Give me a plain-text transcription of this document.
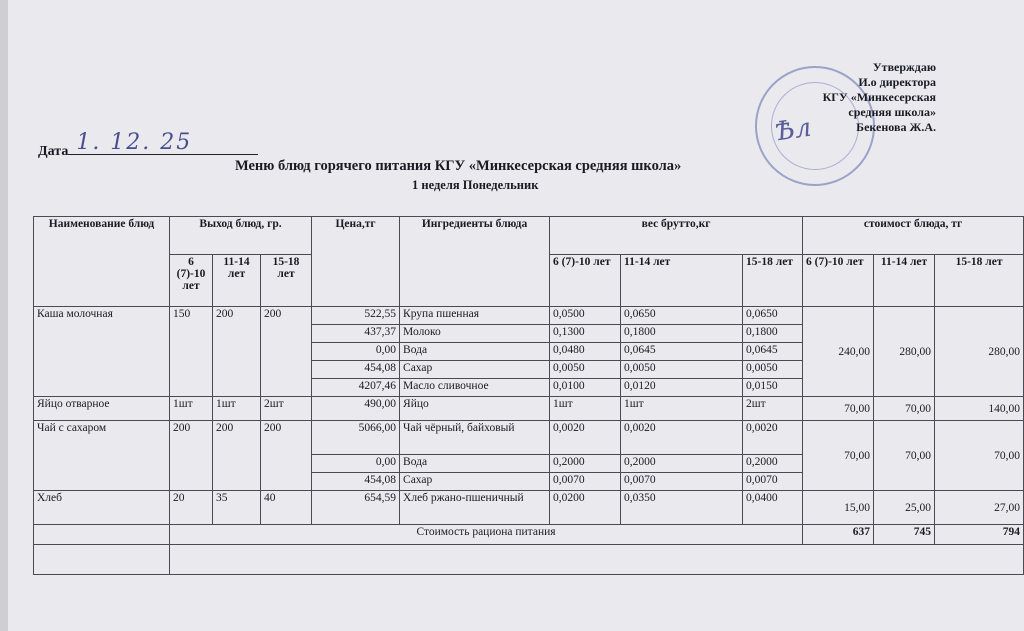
Ѣл
Утверждаю
И.о директора
КГУ «Минкесерская
средняя школа»
Бекенова Ж.А.
Дата 1. 12. 25
Меню блюд горячего питания КГУ «Минкесерская средняя школа»
1 неделя Понедельник
Наименование блюд	Выход блюд, гр.			Цена,тг	Ингредиенты блюда	вес брутто,кг			стоимост блюда, тг		
	6 (7)-10 лет	11-14 лет	15-18 лет			6 (7)-10 лет	11-14 лет	15-18 лет	6 (7)-10 лет	11-14 лет	15-18 лет
Каша молочная	150	200	200	522,55	Крупа пшенная	0,0500	0,0650	0,0650	240,00	280,00	280,00
				437,37	Молоко	0,1300	0,1800	0,1800			
				0,00	Вода	0,0480	0,0645	0,0645			
				454,08	Сахар	0,0050	0,0050	0,0050			
				4207,46	Масло сливочное	0,0100	0,0120	0,0150			
Яйцо отварное	1шт	1шт	2шт	490,00	Яйцо	1шт	1шт	2шт	70,00	70,00	140,00
Чай с сахаром	200	200	200	5066,00	Чай чёрный, байховый	0,0020	0,0020	0,0020	70,00	70,00	70,00
				0,00	Вода	0,2000	0,2000	0,2000			
				454,08	Сахар	0,0070	0,0070	0,0070			
Хлеб	20	35	40	654,59	Хлеб ржано-пшеничный	0,0200	0,0350	0,0400	15,00	25,00	27,00
	Стоимость рациона питания								637	745	794
